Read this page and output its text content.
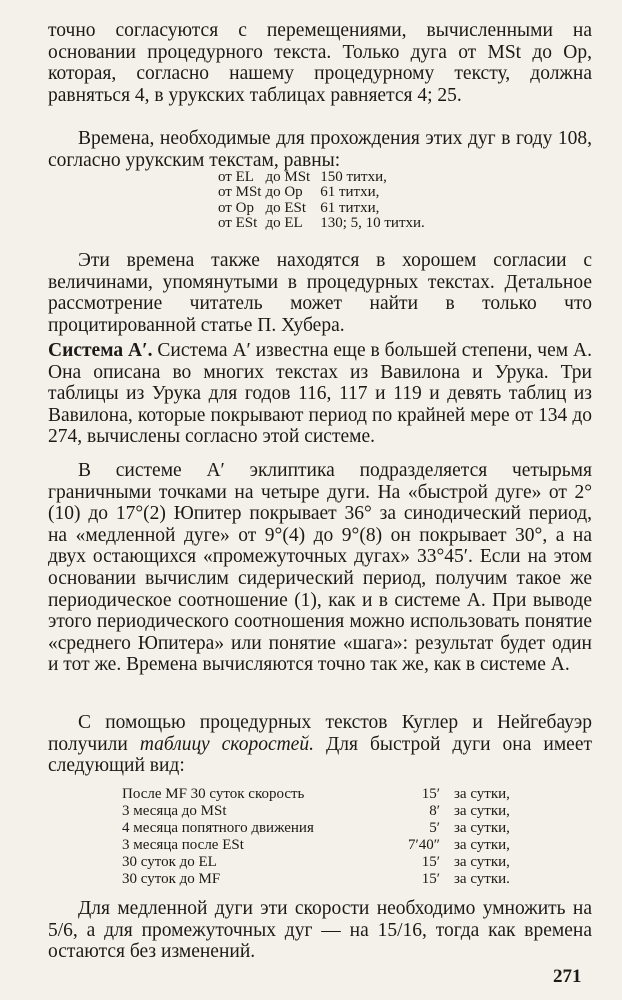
точно согласуются с перемещениями, вычисленными на основании процедурного текста. Только дуга от MSt до Op, которая, согласно нашему процедурному тексту, должна равняться 4, в урукских таблицах равняется 4; 25.

Времена, необходимые для прохождения этих дуг в году 108, согласно урукским текстам, равны:

от EL	до MSt	150 титхи,
от MSt	до Op	61 титхи,
от Op	до ESt	61 титхи,
от ESt	до EL	130; 5, 10 титхи.

Эти времена также находятся в хорошем согласии с величинами, упомянутыми в процедурных текстах. Детальное рассмотрение читатель может найти в только что процитированной статье П. Хубера.

Система A′. Система A′ известна еще в большей степени, чем A. Она описана во многих текстах из Вавилона и Урука. Три таблицы из Урука для годов 116, 117 и 119 и девять таблиц из Вавилона, которые покрывают период по крайней мере от 134 до 274, вычислены согласно этой системе.

В системе A′ эклиптика подразделяется четырьмя граничными точками на четыре дуги. На «быстрой дуге» от 2°(10) до 17°(2) Юпитер покрывает 36° за синодический период, на «медленной дуге» от 9°(4) до 9°(8) он покрывает 30°, а на двух остающихся «промежуточных дугах» 33°45′. Если на этом основании вычислим сидерический период, получим такое же периодическое соотношение (1), как и в системе A. При выводе этого периодического соотношения можно использовать понятие «среднего Юпитера» или понятие «шага»: результат будет один и тот же. Времена вычисляются точно так же, как в системе A.

С помощью процедурных текстов Куглер и Нейгебауэр получили таблицу скоростей. Для быстрой дуги она имеет следующий вид:

После MF 30 суток скорость	15′	за сутки,
3 месяца до MSt	8′	за сутки,
4 месяца попятного движения	5′	за сутки,
3 месяца после ESt	7′40″	за сутки,
30 суток до EL	15′	за сутки,
30 суток до MF	15′	за сутки.

Для медленной дуги эти скорости необходимо умножить на 5/6, а для промежуточных дуг — на 15/16, тогда как времена остаются без изменений.

271
